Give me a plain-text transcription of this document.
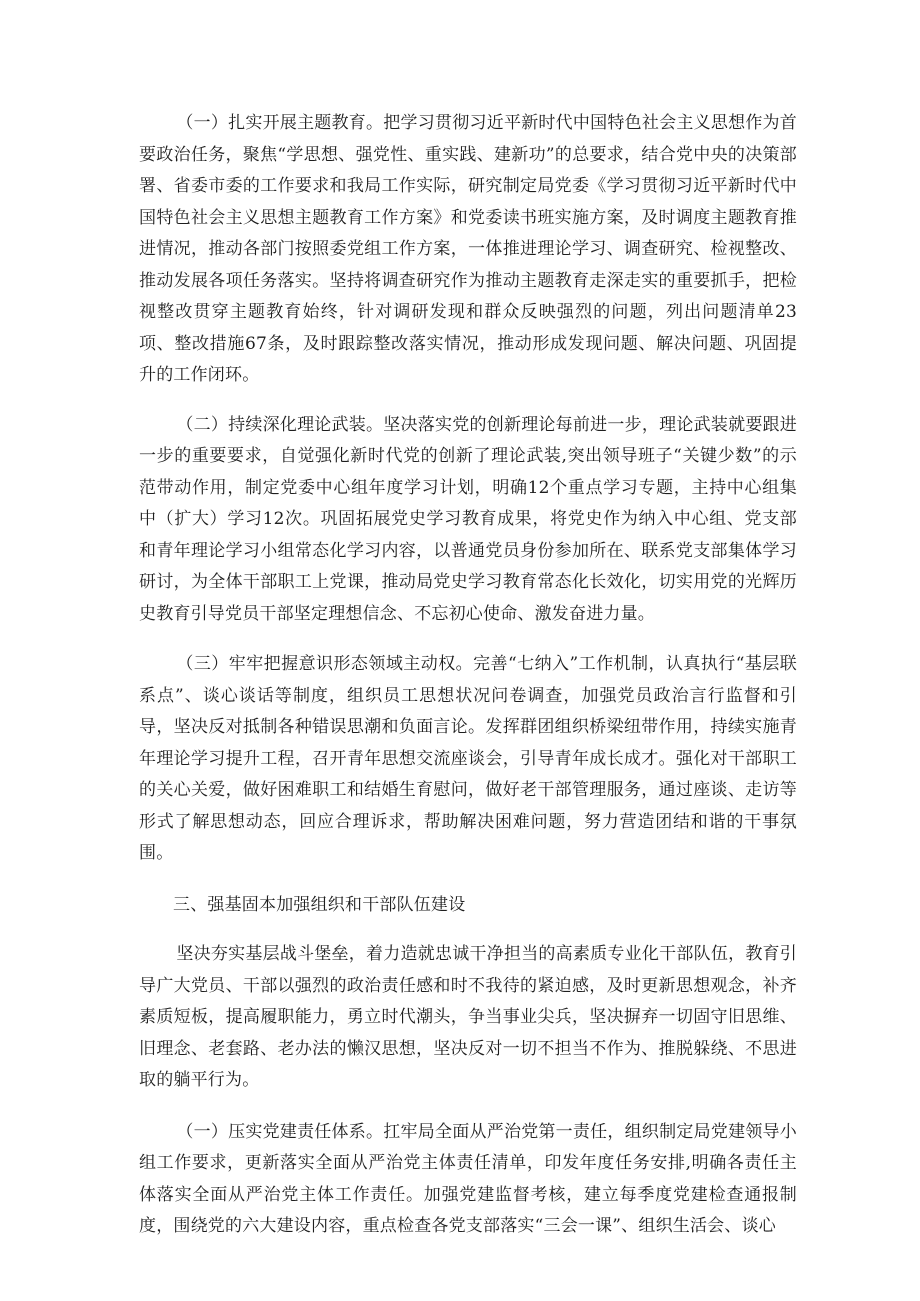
（一）扎实开展主题教育。把学习贯彻习近平新时代中国特色社会主义思想作为首要政治任务，聚焦“学思想、强党性、重实践、建新功”的总要求，结合党中央的决策部署、省委市委的工作要求和我局工作实际，研究制定局党委《学习贯彻习近平新时代中国特色社会主义思想主题教育工作方案》和党委读书班实施方案，及时调度主题教育推进情况，推动各部门按照委党组工作方案，一体推进理论学习、调查研究、检视整改、推动发展各项任务落实。坚持将调查研究作为推动主题教育走深走实的重要抓手，把检视整改贯穿主题教育始终，针对调研发现和群众反映强烈的问题，列出问题清单23项、整改措施67条，及时跟踪整改落实情况，推动形成发现问题、解决问题、巩固提升的工作闭环。

（二）持续深化理论武装。坚决落实党的创新理论每前进一步，理论武装就要跟进一步的重要要求，自觉强化新时代党的创新了理论武装,突出领导班子“关键少数”的示范带动作用，制定党委中心组年度学习计划，明确12个重点学习专题，主持中心组集中（扩大）学习12次。巩固拓展党史学习教育成果，将党史作为纳入中心组、党支部和青年理论学习小组常态化学习内容，以普通党员身份参加所在、联系党支部集体学习研讨，为全体干部职工上党课，推动局党史学习教育常态化长效化，切实用党的光辉历史教育引导党员干部坚定理想信念、不忘初心使命、激发奋进力量。

（三）牢牢把握意识形态领域主动权。完善“七纳入”工作机制，认真执行“基层联系点”、谈心谈话等制度，组织员工思想状况问卷调查，加强党员政治言行监督和引导，坚决反对抵制各种错误思潮和负面言论。发挥群团组织桥梁纽带作用，持续实施青年理论学习提升工程，召开青年思想交流座谈会，引导青年成长成才。强化对干部职工的关心关爱，做好困难职工和结婚生育慰问，做好老干部管理服务，通过座谈、走访等形式了解思想动态，回应合理诉求，帮助解决困难问题，努力营造团结和谐的干事氛围。

三、强基固本加强组织和干部队伍建设

坚决夯实基层战斗堡垒，着力造就忠诚干净担当的高素质专业化干部队伍，教育引导广大党员、干部以强烈的政治责任感和时不我待的紧迫感，及时更新思想观念，补齐素质短板，提高履职能力，勇立时代潮头，争当事业尖兵，坚决摒弃一切固守旧思维、旧理念、老套路、老办法的懒汉思想，坚决反对一切不担当不作为、推脱躲绕、不思进取的躺平行为。

（一）压实党建责任体系。扛牢局全面从严治党第一责任，组织制定局党建领导小组工作要求，更新落实全面从严治党主体责任清单，印发年度任务安排,明确各责任主体落实全面从严治党主体工作责任。加强党建监督考核，建立每季度党建检查通报制度，围绕党的六大建设内容，重点检查各党支部落实“三会一课”、组织生活会、谈心
